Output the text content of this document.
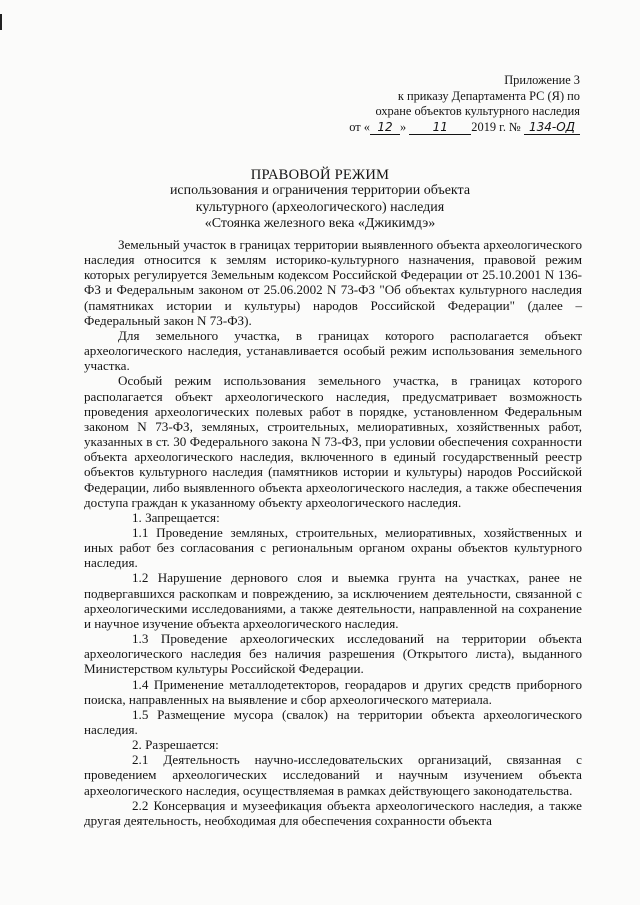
Приложение 3
к приказу Департамента РС (Я) по
охране объектов культурного наследия
от « 12 » 11 2019 г. № 134-ОД
ПРАВОВОЙ РЕЖИМ
использования и ограничения территории объекта
культурного (археологического) наследия
«Стоянка железного века «Джикимдэ»

Земельный участок в границах территории выявленного объекта археологического наследия относится к землям историко-культурного назначения, правовой режим которых регулируется Земельным кодексом Российской Федерации от 25.10.2001 N 136-ФЗ и Федеральным законом от 25.06.2002 N 73-ФЗ "Об объектах культурного наследия (памятниках истории и культуры) народов Российской Федерации" (далее – Федеральный закон N 73-ФЗ).

Для земельного участка, в границах которого располагается объект археологического наследия, устанавливается особый режим использования земельного участка.

Особый режим использования земельного участка, в границах которого располагается объект археологического наследия, предусматривает возможность проведения археологических полевых работ в порядке, установленном Федеральным законом N 73-ФЗ, земляных, строительных, мелиоративных, хозяйственных работ, указанных в ст. 30 Федерального закона N 73-ФЗ, при условии обеспечения сохранности объекта археологического наследия, включенного в единый государственный реестр объектов культурного наследия (памятников истории и культуры) народов Российской Федерации, либо выявленного объекта археологического наследия, а также обеспечения доступа граждан к указанному объекту археологического наследия.

1. Запрещается:

1.1 Проведение земляных, строительных, мелиоративных, хозяйственных и иных работ без согласования с региональным органом охраны объектов культурного наследия.

1.2 Нарушение дернового слоя и выемка грунта на участках, ранее не подвергавшихся раскопкам и повреждению, за исключением деятельности, связанной с археологическими исследованиями, а также деятельности, направленной на сохранение и научное изучение объекта археологического наследия.

1.3 Проведение археологических исследований на территории объекта археологического наследия без наличия разрешения (Открытого листа), выданного Министерством культуры Российской Федерации.

1.4 Применение металлодетекторов, георадаров и других средств приборного поиска, направленных на выявление и сбор археологического материала.

1.5 Размещение мусора (свалок) на территории объекта археологического наследия.

2. Разрешается:

2.1 Деятельность научно-исследовательских организаций, связанная с проведением археологических исследований и научным изучением объекта археологического наследия, осуществляемая в рамках действующего законодательства.

2.2 Консервация и музеефикация объекта археологического наследия, а также другая деятельность, необходимая для обеспечения сохранности объекта
